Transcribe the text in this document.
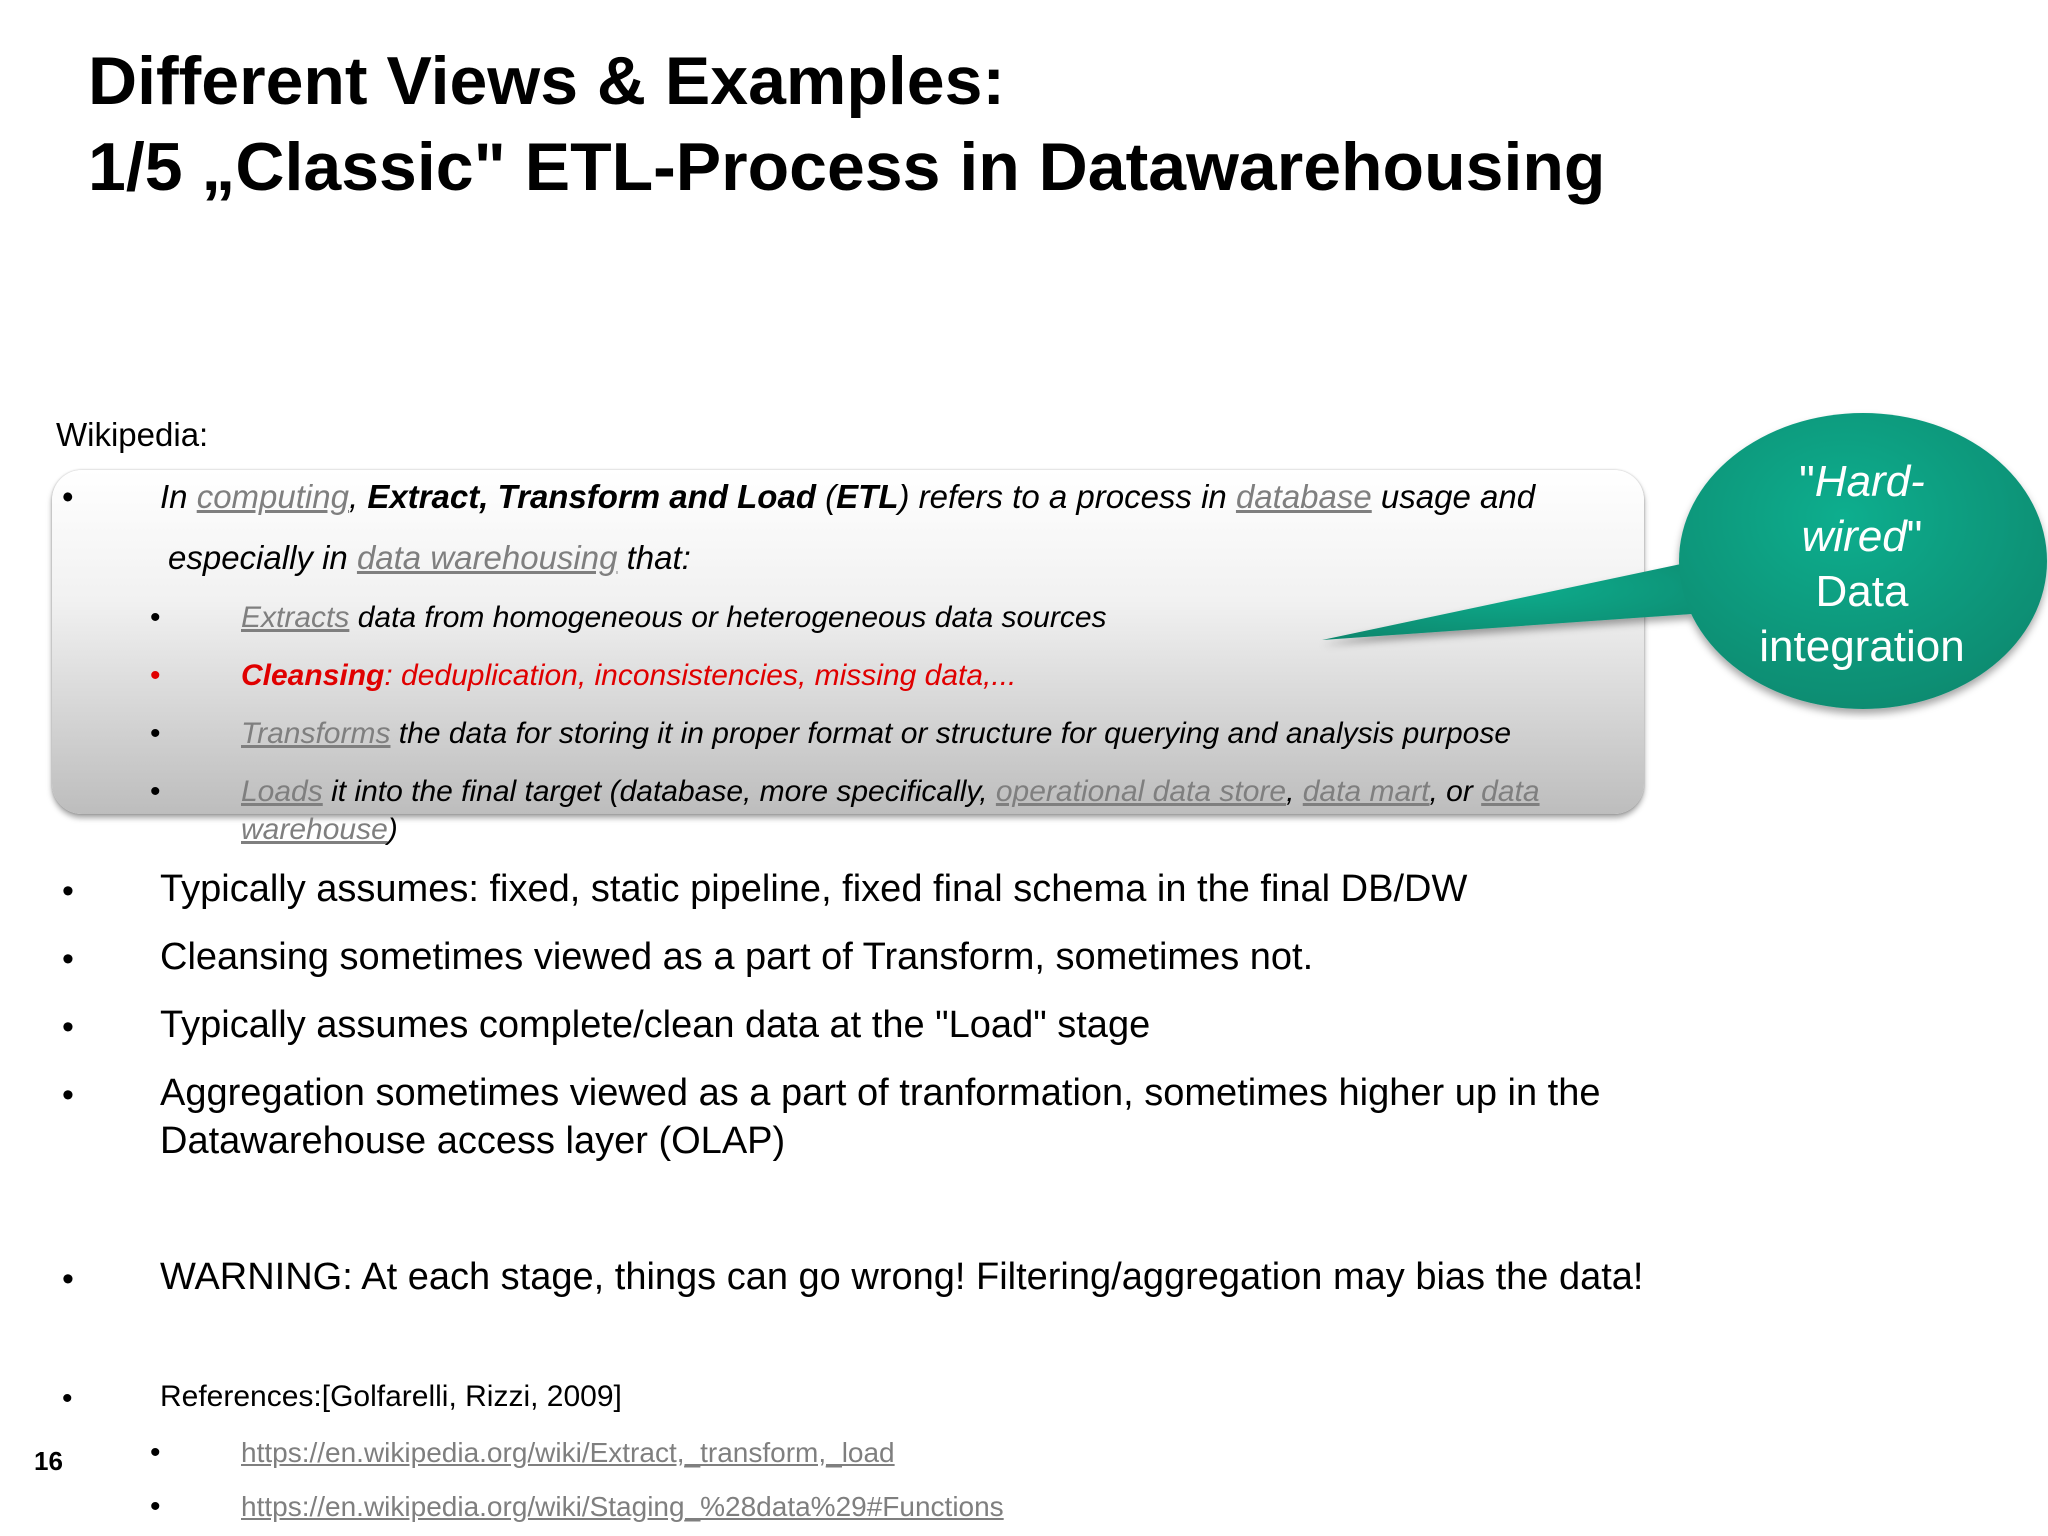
Different Views & Examples:
1/5 „Classic" ETL-Process in Datawarehousing
Wikipedia:
•	In computing, Extract, Transform and Load (ETL) refers to a process in database usage and
especially in data warehousing that:
•	Extracts data from homogeneous or heterogeneous data sources
•	Cleansing: deduplication, inconsistencies, missing data,...
•	Transforms the data for storing it in proper format or structure for querying and analysis purpose
•	Loads it into the final target (database, more specifically, operational data store, data mart, or data
warehouse)
• Typically assumes: fixed, static pipeline, fixed final schema in the final DB/DW
• Cleansing sometimes viewed as a part of Transform, sometimes not.
• Typically assumes complete/clean data at the "Load" stage
• Aggregation sometimes viewed as a part of tranformation, sometimes higher up in the
Datawarehouse access layer (OLAP)
• WARNING: At each stage, things can go wrong! Filtering/aggregation may bias the data!
•	References:[Golfarelli, Rizzi, 2009]
•	https://en.wikipedia.org/wiki/Extract,_transform,_load
•	https://en.wikipedia.org/wiki/Staging_%28data%29#Functions
"Hard-
wired"
Data
integration
16
